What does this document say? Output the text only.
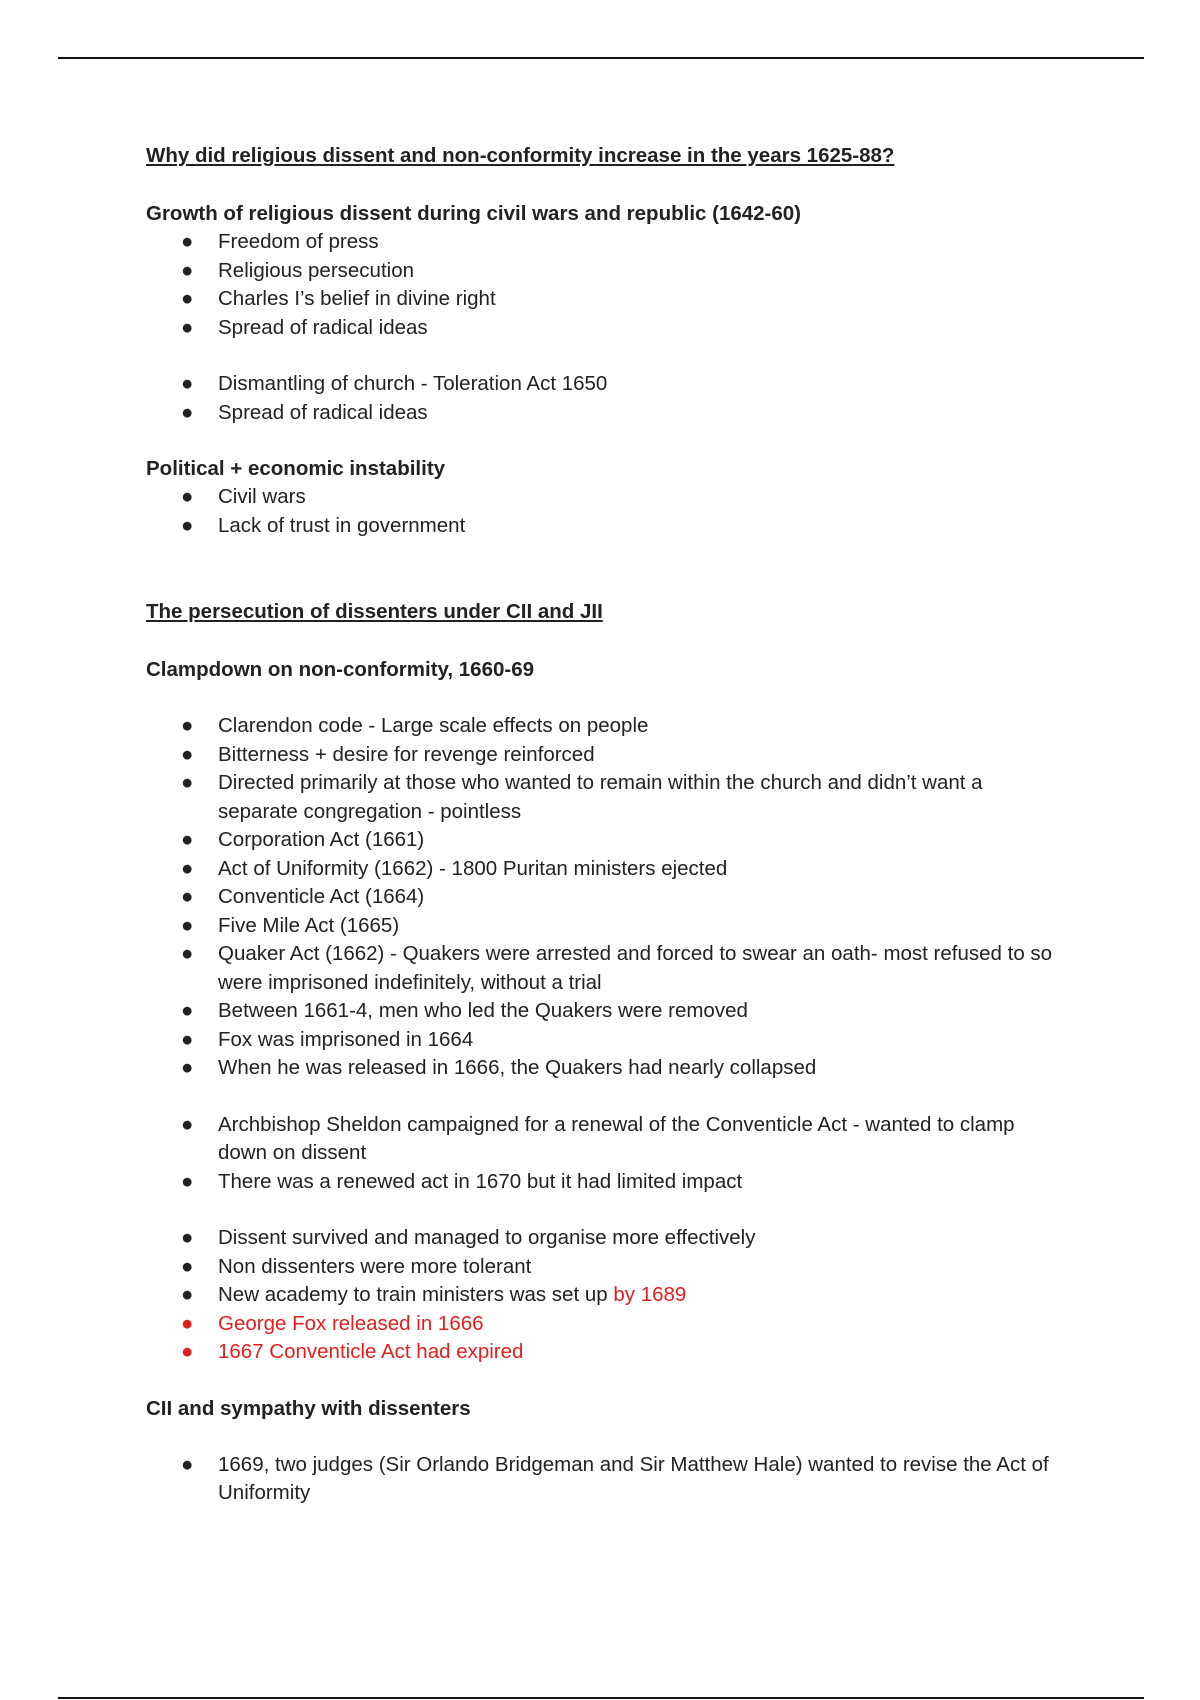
Why did religious dissent and non-conformity increase in the years 1625-88?
Growth of religious dissent during civil wars and republic (1642-60)
●	Freedom of press
●	Religious persecution
●	Charles I’s belief in divine right
●	Spread of radical ideas
●	Dismantling of church - Toleration Act 1650
●	Spread of radical ideas
Political + economic instability
●	Civil wars
●	Lack of trust in government
The persecution of dissenters under CII and JII
Clampdown on non-conformity, 1660-69
●	Clarendon code - Large scale effects on people
●	Bitterness + desire for revenge reinforced
●	Directed primarily at those who wanted to remain within the church and didn’t want a separate congregation - pointless
●	Corporation Act (1661)
●	Act of Uniformity (1662) - 1800 Puritan ministers ejected
●	Conventicle Act (1664)
●	Five Mile Act (1665)
●	Quaker Act (1662) - Quakers were arrested and forced to swear an oath- most refused to so were imprisoned indefinitely, without a trial
●	Between 1661-4, men who led the Quakers were removed
●	Fox was imprisoned in 1664
●	When he was released in 1666, the Quakers had nearly collapsed
●	Archbishop Sheldon campaigned for a renewal of the Conventicle Act - wanted to clamp down on dissent
●	There was a renewed act in 1670 but it had limited impact
●	Dissent survived and managed to organise more effectively
●	Non dissenters were more tolerant
●	New academy to train ministers was set up by 1689
●	George Fox released in 1666
●	1667 Conventicle Act had expired
CII and sympathy with dissenters
●	1669, two judges (Sir Orlando Bridgeman and Sir Matthew Hale) wanted to revise the Act of Uniformity
